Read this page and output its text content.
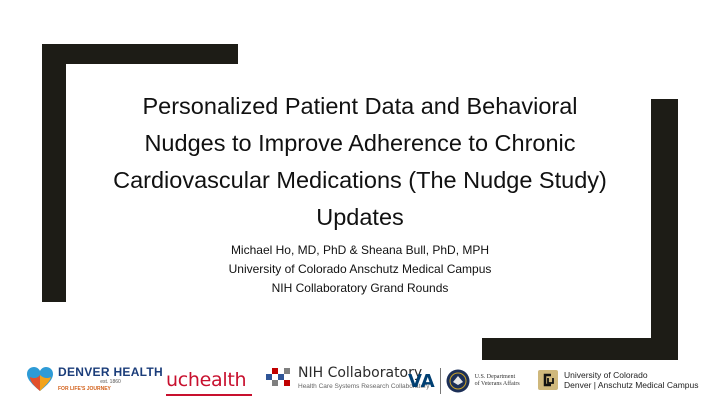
Personalized Patient Data and Behavioral
Nudges to Improve Adherence to Chronic
Cardiovascular Medications (The Nudge Study)
Updates
Michael Ho, MD, PhD & Sheana Bull, PhD, MPH
University of Colorado Anschutz Medical Campus
NIH Collaboratory Grand Rounds
DENVER HEALTH
est. 1860
FOR LIFE'S JOURNEY	uchealth	NIH Collaboratory
Health Care Systems Research Collaboratory
VA	U.S. Department
of Veterans Affairs
University of Colorado
Denver | Anschutz Medical Campus
